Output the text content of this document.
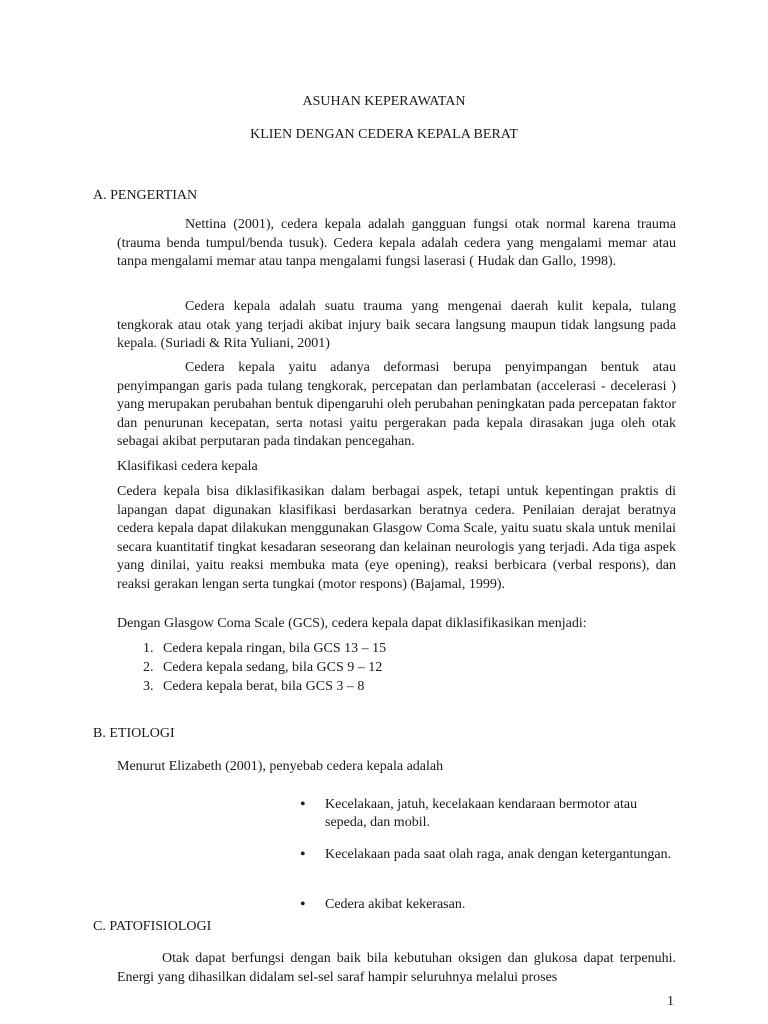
ASUHAN KEPERAWATAN
KLIEN DENGAN CEDERA KEPALA BERAT
A. PENGERTIAN
Nettina (2001), cedera kepala adalah gangguan fungsi otak normal karena trauma (trauma benda tumpul/benda tusuk). Cedera kepala adalah cedera yang mengalami memar atau tanpa mengalami memar atau tanpa mengalami fungsi laserasi ( Hudak dan Gallo, 1998).
Cedera kepala adalah suatu trauma yang mengenai daerah kulit kepala, tulang tengkorak atau otak yang terjadi akibat injury baik secara langsung maupun tidak langsung pada kepala. (Suriadi & Rita Yuliani, 2001)
Cedera kepala yaitu adanya deformasi berupa penyimpangan bentuk atau penyimpangan garis pada tulang tengkorak, percepatan dan perlambatan (accelerasi - decelerasi ) yang merupakan perubahan bentuk dipengaruhi oleh perubahan peningkatan pada percepatan faktor dan penurunan kecepatan, serta notasi yaitu pergerakan pada kepala dirasakan juga oleh otak sebagai akibat perputaran pada tindakan pencegahan.
Klasifikasi cedera kepala
Cedera kepala bisa diklasifikasikan dalam berbagai aspek, tetapi untuk kepentingan praktis di lapangan dapat digunakan klasifikasi berdasarkan beratnya cedera. Penilaian derajat beratnya cedera kepala dapat dilakukan menggunakan Glasgow Coma Scale, yaitu suatu skala untuk menilai secara kuantitatif tingkat kesadaran seseorang dan kelainan neurologis yang terjadi. Ada tiga aspek yang dinilai, yaitu reaksi membuka mata (eye opening), reaksi berbicara (verbal respons), dan reaksi gerakan lengan serta tungkai (motor respons) (Bajamal, 1999).
Dengan Glasgow Coma Scale (GCS), cedera kepala dapat diklasifikasikan menjadi:
1. Cedera kepala ringan, bila GCS 13 – 15
2. Cedera kepala sedang, bila GCS 9 – 12
3. Cedera kepala berat, bila GCS 3 – 8
B. ETIOLOGI
Menurut Elizabeth (2001), penyebab cedera kepala adalah
• Kecelakaan, jatuh, kecelakaan kendaraan bermotor atau sepeda, dan mobil.
• Kecelakaan pada saat olah raga, anak dengan ketergantungan.
• Cedera akibat kekerasan.
C. PATOFISIOLOGI
Otak dapat berfungsi dengan baik bila kebutuhan oksigen dan glukosa dapat terpenuhi. Energi yang dihasilkan didalam sel-sel saraf hampir seluruhnya melalui proses
1
